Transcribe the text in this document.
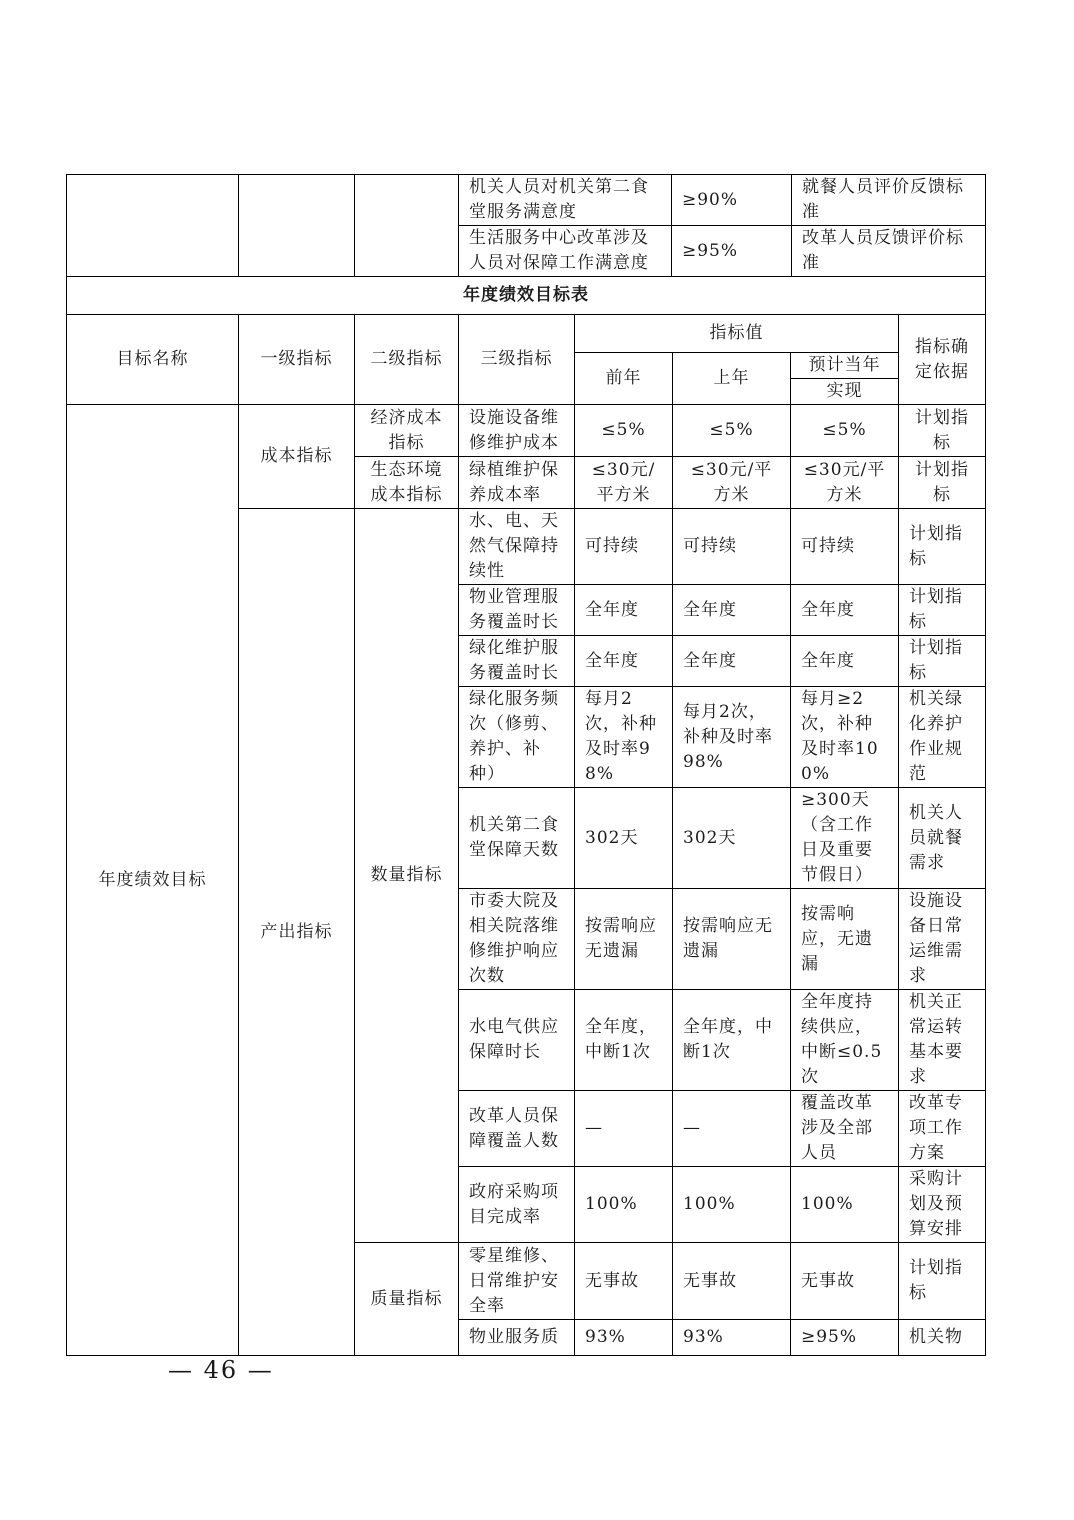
			机关人员对机关第二食堂服务满意度	≥90%	就餐人员评价反馈标准
			生活服务中心改革涉及人员对保障工作满意度	≥95%	改革人员反馈评价标准
年度绩效目标表							
目标名称	一级指标	二级指标	三级指标	指标值			指标确定依据
				前年	上年	预计当年	
						实现	
年度绩效目标	成本指标	经济成本指标	设施设备维修维护成本	≤5%	≤5%	≤5%	计划指标
		生态环境成本指标	绿植维护保养成本率	≤30元/平方米	≤30元/平方米	≤30元/平方米	计划指标
	产出指标	数量指标	水、电、天然气保障持续性	可持续	可持续	可持续	计划指标
			物业管理服务覆盖时长	全年度	全年度	全年度	计划指标
			绿化维护服务覆盖时长	全年度	全年度	全年度	计划指标
			绿化服务频次（修剪、养护、补种）	每月2次，补种及时率98%	每月2次，补种及时率98%	每月≥2次，补种及时率100%	机关绿化养护作业规范
			机关第二食堂保障天数	302天	302天	≥300天（含工作日及重要节假日）	机关人员就餐需求
			市委大院及相关院落维修维护响应次数	按需响应无遗漏	按需响应无遗漏	按需响应，无遗漏	设施设备日常运维需求
			水电气供应保障时长	全年度，中断1次	全年度，中断1次	全年度持续供应，中断≤0.5次	机关正常运转基本要求
			改革人员保障覆盖人数	—	—	覆盖改革涉及全部人员	改革专项工作方案
			政府采购项目完成率	100%	100%	100%	采购计划及预算安排
		质量指标	零星维修、日常维护安全率	无事故	无事故	无事故	计划指标
			物业服务质	93%	93%	≥95%	机关物
— 46 —
